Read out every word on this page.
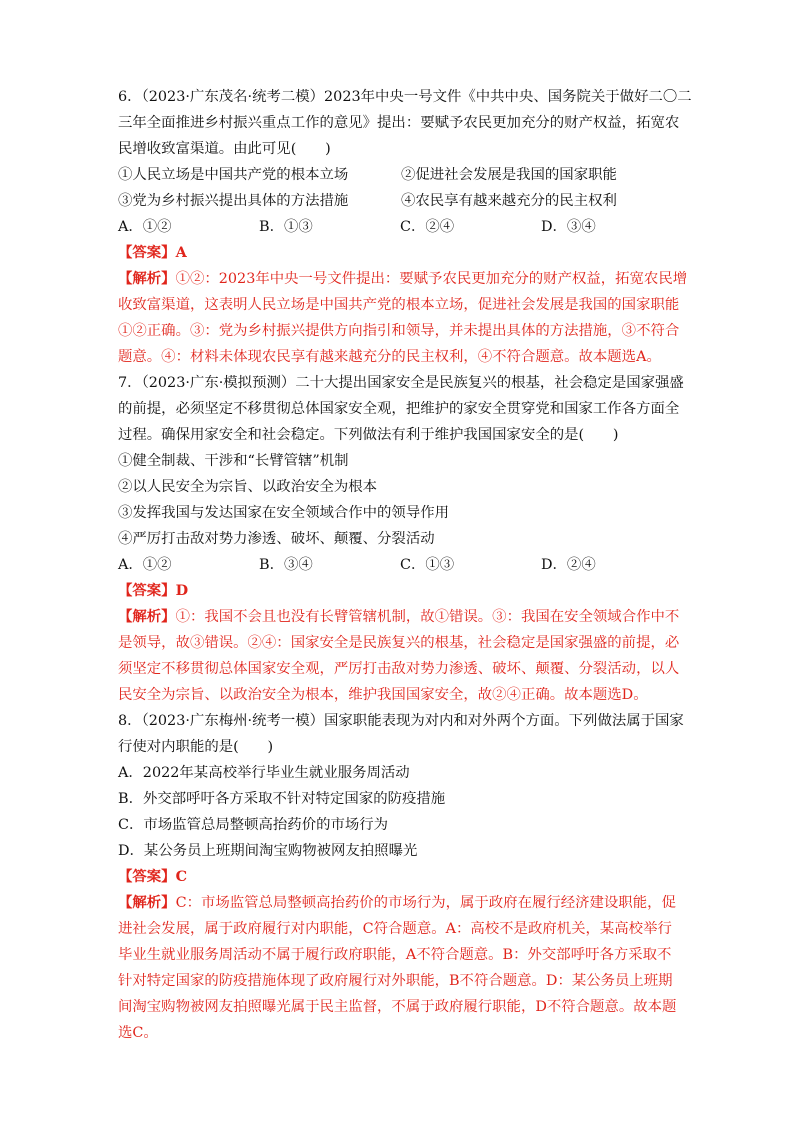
6．（2023·广东茂名·统考二模）2023年中央一号文件《中共中央、国务院关于做好二〇二
三年全面推进乡村振兴重点工作的意见》提出：要赋予农民更加充分的财产权益，拓宽农
民增收致富渠道。由此可见(　　)
①人民立场是中国共产党的根本立场	②促进社会发展是我国的国家职能
③党为乡村振兴提出具体的方法措施	④农民享有越来越充分的民主权利
A．①②	B．①③	C．②④	D．③④
【答案】A
【解析】①②：2023年中央一号文件提出：要赋予农民更加充分的财产权益，拓宽农民增
收致富渠道，这表明人民立场是中国共产党的根本立场，促进社会发展是我国的国家职能
①②正确。③：党为乡村振兴提供方向指引和领导，并未提出具体的方法措施，③不符合
题意。④：材料未体现农民享有越来越充分的民主权利，④不符合题意。故本题选A。
7．（2023·广东·模拟预测）二十大提出国家安全是民族复兴的根基，社会稳定是国家强盛
的前提，必须坚定不移贯彻总体国家安全观，把维护的家安全贯穿党和国家工作各方面全
过程。确保用家安全和社会稳定。下列做法有利于维护我国国家安全的是(　　)
①健全制裁、干涉和“长臂管辖”机制
②以人民安全为宗旨、以政治安全为根本
③发挥我国与发达国家在安全领域合作中的领导作用
④严厉打击敌对势力渗透、破坏、颠覆、分裂活动
A．①②	B．③④	C．①③	D．②④
【答案】D
【解析】①：我国不会且也没有长臂管辖机制，故①错误。③：我国在安全领域合作中不
是领导，故③错误。②④：国家安全是民族复兴的根基，社会稳定是国家强盛的前提，必
须坚定不移贯彻总体国家安全观，严厉打击敌对势力渗透、破坏、颠覆、分裂活动，以人
民安全为宗旨、以政治安全为根本，维护我国国家安全，故②④正确。故本题选D。
8．（2023·广东梅州·统考一模）国家职能表现为对内和对外两个方面。下列做法属于国家
行使对内职能的是(　　)
A．2022年某高校举行毕业生就业服务周活动
B．外交部呼吁各方采取不针对特定国家的防疫措施
C．市场监管总局整顿高抬药价的市场行为
D．某公务员上班期间淘宝购物被网友拍照曝光
【答案】C
【解析】C：市场监管总局整顿高抬药价的市场行为，属于政府在履行经济建设职能，促
进社会发展，属于政府履行对内职能，C符合题意。A：高校不是政府机关，某高校举行
毕业生就业服务周活动不属于履行政府职能，A不符合题意。B：外交部呼吁各方采取不
针对特定国家的防疫措施体现了政府履行对外职能，B不符合题意。D：某公务员上班期
间淘宝购物被网友拍照曝光属于民主监督，不属于政府履行职能，D不符合题意。故本题
选C。
